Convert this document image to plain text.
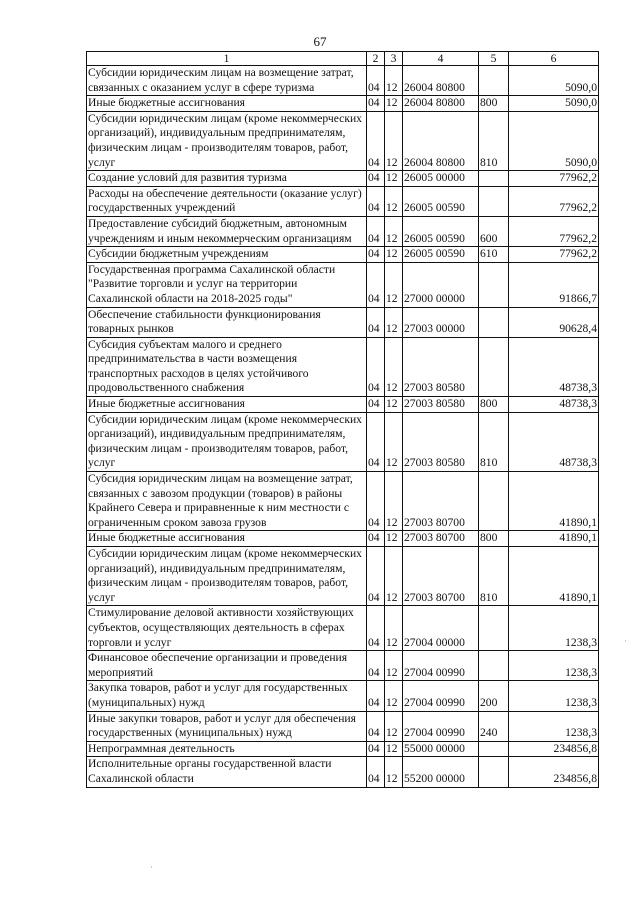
67
1	2	3	4	5	6
Субсидии юридическим лицам на возмещение затрат, связанных с оказанием услуг в сфере туризма	04	12	26004 80800		5090,0
Иные бюджетные ассигнования	04	12	26004 80800	800	5090,0
Субсидии юридическим лицам (кроме некоммерческих организаций), индивидуальным предпринимателям, физическим лицам - производителям товаров, работ, услуг	04	12	26004 80800	810	5090,0
Создание условий для развития туризма	04	12	26005 00000		77962,2
Расходы на обеспечение деятельности (оказание услуг) государственных учреждений	04	12	26005 00590		77962,2
Предоставление субсидий бюджетным, автономным учреждениям и иным некоммерческим организациям	04	12	26005 00590	600	77962,2
Субсидии бюджетным учреждениям	04	12	26005 00590	610	77962,2
Государственная программа Сахалинской области "Развитие торговли и услуг на территории Сахалинской области на 2018-2025 годы"	04	12	27000 00000		91866,7
Обеспечение стабильности функционирования товарных рынков	04	12	27003 00000		90628,4
Субсидия субъектам малого и среднего предпринимательства в части возмещения транспортных расходов в целях устойчивого продовольственного снабжения	04	12	27003 80580		48738,3
Иные бюджетные ассигнования	04	12	27003 80580	800	48738,3
Субсидии юридическим лицам (кроме некоммерческих организаций), индивидуальным предпринимателям, физическим лицам - производителям товаров, работ, услуг	04	12	27003 80580	810	48738,3
Субсидия юридическим лицам на возмещение затрат, связанных с завозом продукции (товаров) в районы Крайнего Севера и приравненные к ним местности с ограниченным сроком завоза грузов	04	12	27003 80700		41890,1
Иные бюджетные ассигнования	04	12	27003 80700	800	41890,1
Субсидии юридическим лицам (кроме некоммерческих организаций), индивидуальным предпринимателям, физическим лицам - производителям товаров, работ, услуг	04	12	27003 80700	810	41890,1
Стимулирование деловой активности хозяйствующих субъектов, осуществляющих деятельность в сферах торговли и услуг	04	12	27004 00000		1238,3
Финансовое обеспечение организации и проведения мероприятий	04	12	27004 00990		1238,3
Закупка товаров, работ и услуг для государственных (муниципальных) нужд	04	12	27004 00990	200	1238,3
Иные закупки товаров, работ и услуг для обеспечения государственных (муниципальных) нужд	04	12	27004 00990	240	1238,3
Непрограммная деятельность	04	12	55000 00000		234856,8
Исполнительные органы государственной власти Сахалинской области	04	12	55200 00000		234856,8
·
·
